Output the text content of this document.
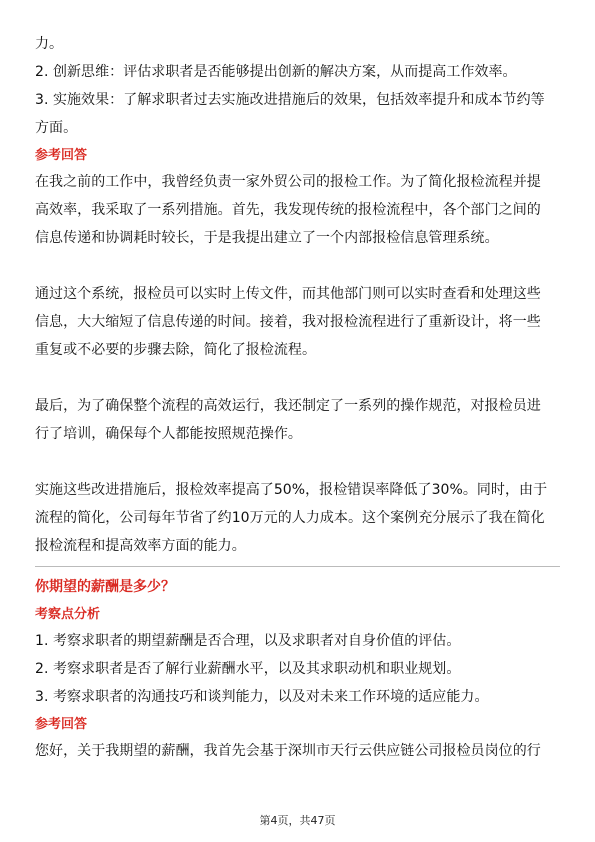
力。
2. 创新思维：评估求职者是否能够提出创新的解决方案，从而提高工作效率。
3. 实施效果：了解求职者过去实施改进措施后的效果，包括效率提升和成本节约等
方面。
参考回答
在我之前的工作中，我曾经负责一家外贸公司的报检工作。为了简化报检流程并提
高效率，我采取了一系列措施。首先，我发现传统的报检流程中，各个部门之间的
信息传递和协调耗时较长，于是我提出建立了一个内部报检信息管理系统。
通过这个系统，报检员可以实时上传文件，而其他部门则可以实时查看和处理这些
信息，大大缩短了信息传递的时间。接着，我对报检流程进行了重新设计，将一些
重复或不必要的步骤去除，简化了报检流程。
最后，为了确保整个流程的高效运行，我还制定了一系列的操作规范，对报检员进
行了培训，确保每个人都能按照规范操作。
实施这些改进措施后，报检效率提高了50%，报检错误率降低了30%。同时，由于
流程的简化，公司每年节省了约10万元的人力成本。这个案例充分展示了我在简化
报检流程和提高效率方面的能力。
你期望的薪酬是多少？
考察点分析
1. 考察求职者的期望薪酬是否合理，以及求职者对自身价值的评估。
2. 考察求职者是否了解行业薪酬水平，以及其求职动机和职业规划。
3. 考察求职者的沟通技巧和谈判能力，以及对未来工作环境的适应能力。
参考回答
您好，关于我期望的薪酬，我首先会基于深圳市天行云供应链公司报检员岗位的行
第4页，共47页
